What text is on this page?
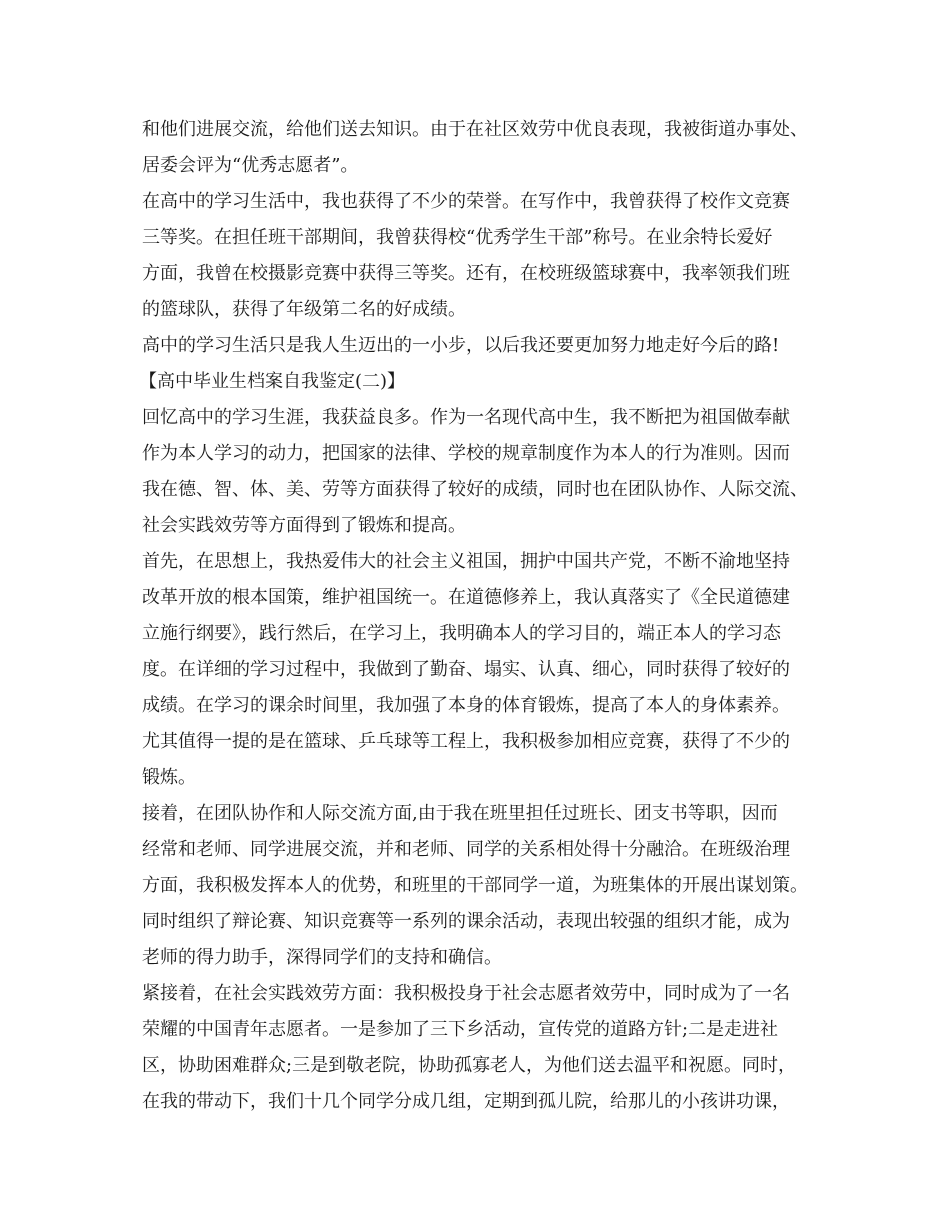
和他们进展交流，给他们送去知识。由于在社区效劳中优良表现，我被街道办事处、
居委会评为“优秀志愿者”。
在高中的学习生活中，我也获得了不少的荣誉。在写作中，我曾获得了校作文竞赛
三等奖。在担任班干部期间，我曾获得校“优秀学生干部”称号。在业余特长爱好
方面，我曾在校摄影竞赛中获得三等奖。还有，在校班级篮球赛中，我率领我们班
的篮球队，获得了年级第二名的好成绩。
高中的学习生活只是我人生迈出的一小步，以后我还要更加努力地走好今后的路!
【高中毕业生档案自我鉴定(二)】
回忆高中的学习生涯，我获益良多。作为一名现代高中生，我不断把为祖国做奉献
作为本人学习的动力，把国家的法律、学校的规章制度作为本人的行为准则。因而
我在德、智、体、美、劳等方面获得了较好的成绩，同时也在团队协作、人际交流、
社会实践效劳等方面得到了锻炼和提高。
首先，在思想上，我热爱伟大的社会主义祖国，拥护中国共产党，不断不渝地坚持
改革开放的根本国策，维护祖国统一。在道德修养上，我认真落实了《全民道德建
立施行纲要》，践行然后，在学习上，我明确本人的学习目的，端正本人的学习态
度。在详细的学习过程中，我做到了勤奋、塌实、认真、细心，同时获得了较好的
成绩。在学习的课余时间里，我加强了本身的体育锻炼，提高了本人的身体素养。
尤其值得一提的是在篮球、乒乓球等工程上，我积极参加相应竞赛，获得了不少的
锻炼。
接着，在团队协作和人际交流方面,由于我在班里担任过班长、团支书等职，因而
经常和老师、同学进展交流，并和老师、同学的关系相处得十分融洽。在班级治理
方面，我积极发挥本人的优势，和班里的干部同学一道，为班集体的开展出谋划策。
同时组织了辩论赛、知识竞赛等一系列的课余活动，表现出较强的组织才能，成为
老师的得力助手，深得同学们的支持和确信。
紧接着，在社会实践效劳方面：我积极投身于社会志愿者效劳中，同时成为了一名
荣耀的中国青年志愿者。一是参加了三下乡活动，宣传党的道路方针;二是走进社
区，协助困难群众;三是到敬老院，协助孤寡老人，为他们送去温平和祝愿。同时，
在我的带动下，我们十几个同学分成几组，定期到孤儿院，给那儿的小孩讲功课，
